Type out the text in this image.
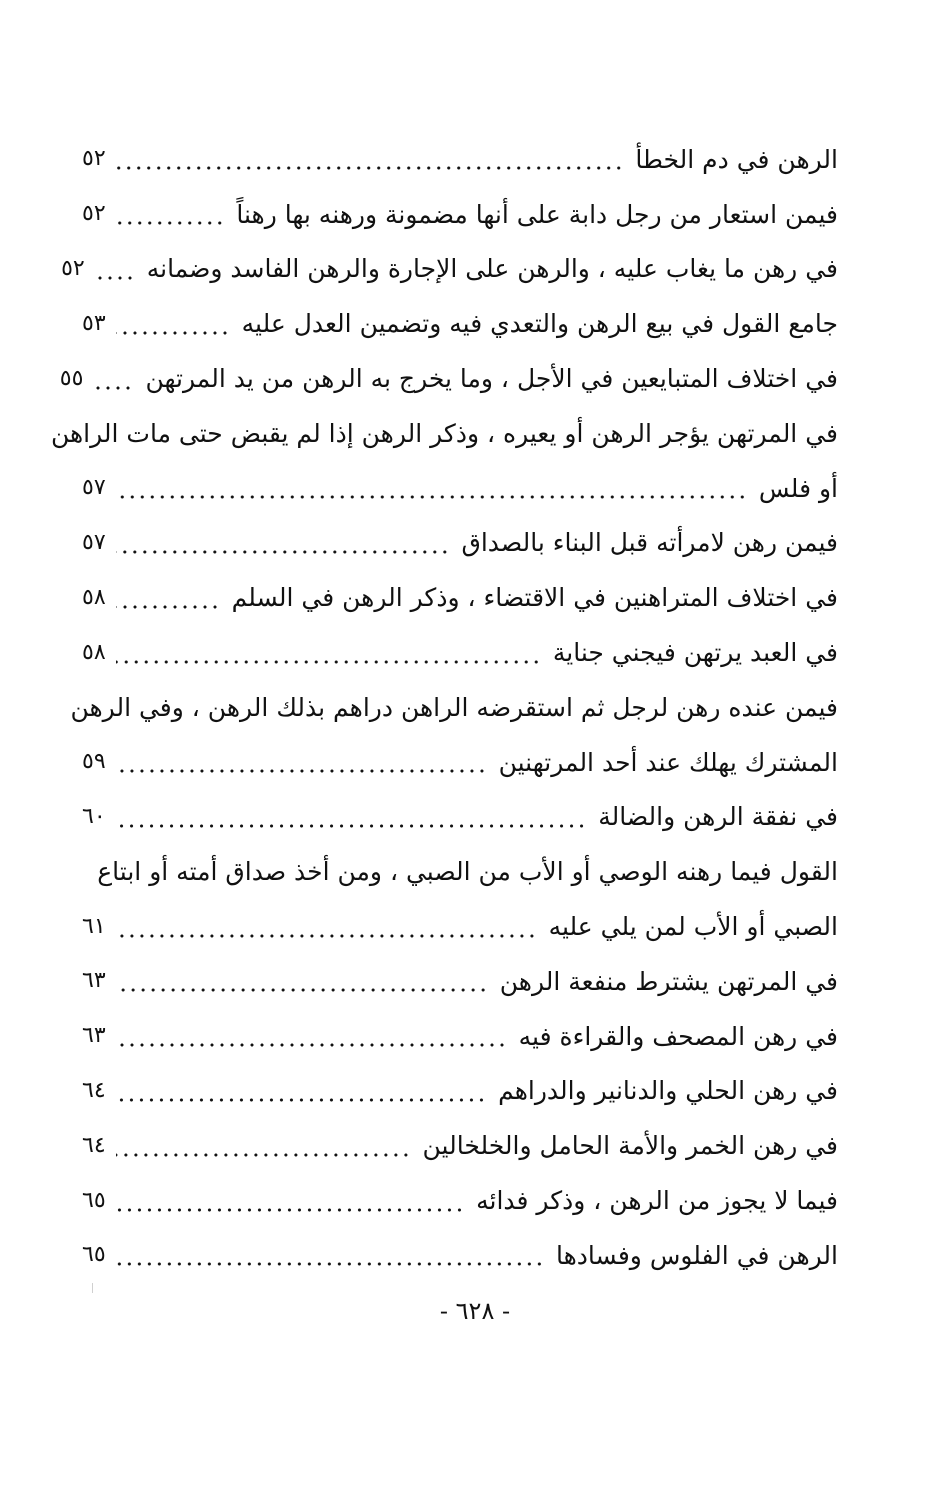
الرهن في دم الخطأ
٥٢
فيمن استعار من رجل دابة على أنها مضمونة ورهنه بها رهناً
٥٢
في رهن ما يغاب عليه ، والرهن على الإجارة والرهن الفاسد وضمانه
٥٢
جامع القول في بيع الرهن والتعدي فيه وتضمين العدل عليه
٥٣
في اختلاف المتبايعين في الأجل ، وما يخرج به الرهن من يد المرتهن
٥٥
في المرتهن يؤجر الرهن أو يعيره ، وذكر الرهن إذا لم يقبض حتى مات الراهن
أو فلس
٥٧
فيمن رهن لامرأته قبل البناء بالصداق
٥٧
في اختلاف المتراهنين في الاقتضاء ، وذكر الرهن في السلم
٥٨
في العبد يرتهن فيجني جناية
٥٨
فيمن عنده رهن لرجل ثم استقرضه الراهن دراهم بذلك الرهن ، وفي الرهن
المشترك يهلك عند أحد المرتهنين
٥٩
في نفقة الرهن والضالة
٦٠
القول فيما رهنه الوصي أو الأب من الصبي ، ومن أخذ صداق أمته أو ابتاع
الصبي أو الأب لمن يلي عليه
٦١
في المرتهن يشترط منفعة الرهن
٦٣
في رهن المصحف والقراءة فيه
٦٣
في رهن الحلي والدنانير والدراهم
٦٤
في رهن الخمر والأمة الحامل والخلخالين
٦٤
فيما لا يجوز من الرهن ، وذكر فدائه
٦٥
الرهن في الفلوس وفسادها
٦٥
- ٦٢٨ -
